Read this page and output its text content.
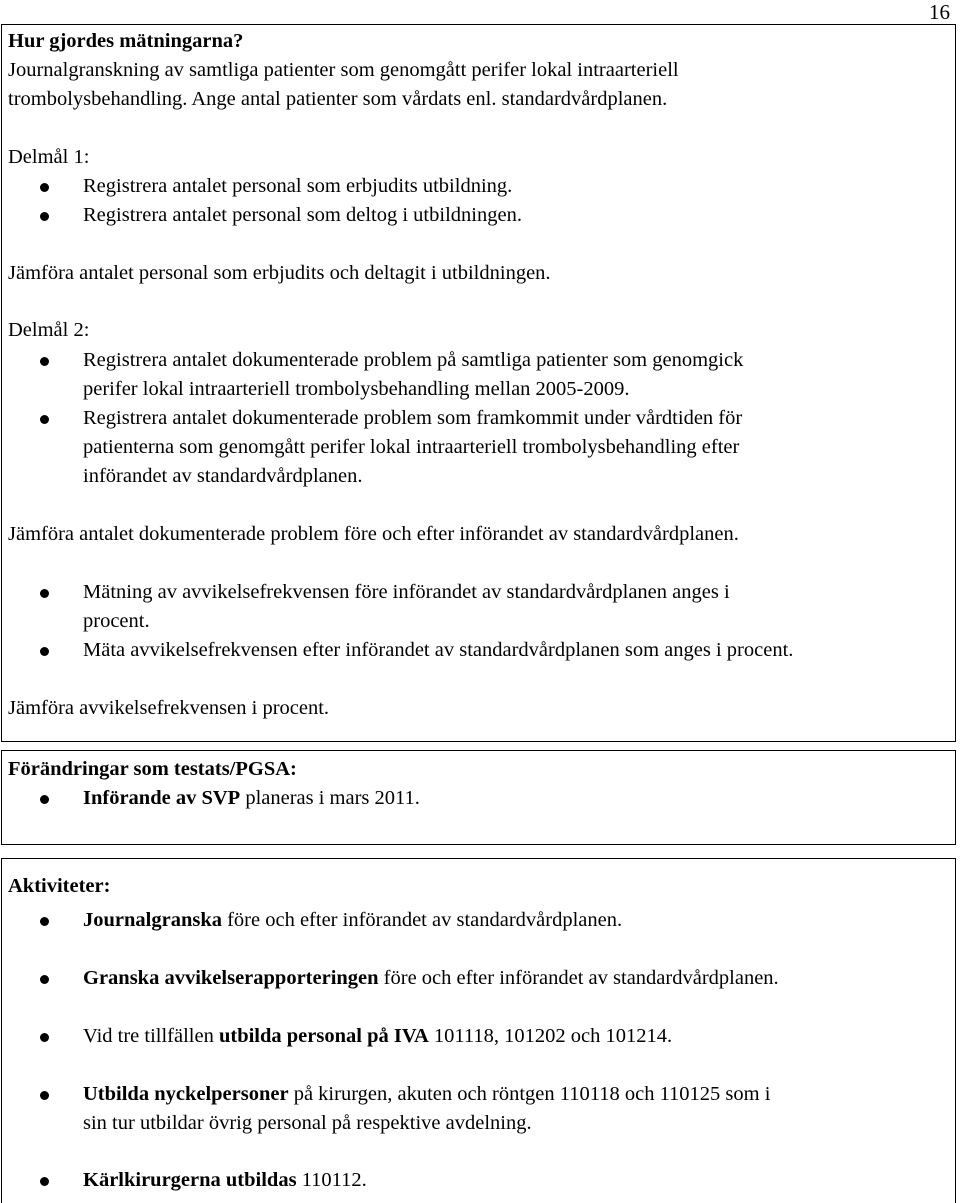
16
Hur gjordes mätningarna?
Journalgranskning av samtliga patienter som genomgått perifer lokal intraarteriell
trombolysbehandling. Ange antal patienter som vårdats enl. standardvårdplanen.
Delmål 1:
Registrera antalet personal som erbjudits utbildning.
Registrera antalet personal som deltog i utbildningen.
Jämföra antalet personal som erbjudits och deltagit i utbildningen.
Delmål 2:
Registrera antalet dokumenterade problem på samtliga patienter som genomgick
perifer lokal intraarteriell trombolysbehandling mellan 2005-2009.
Registrera antalet dokumenterade problem som framkommit under vårdtiden för
patienterna som genomgått perifer lokal intraarteriell trombolysbehandling efter
införandet av standardvårdplanen.
Jämföra antalet dokumenterade problem före och efter införandet av standardvårdplanen.
Mätning av avvikelsefrekvensen före införandet av standardvårdplanen anges i
procent.
Mäta avvikelsefrekvensen efter införandet av standardvårdplanen som anges i procent.
Jämföra avvikelsefrekvensen i procent.
Förändringar som testats/PGSA:
Införande av SVP planeras i mars 2011.
Aktiviteter:
Journalgranska före och efter införandet av standardvårdplanen.
Granska avvikelserapporteringen före och efter införandet av standardvårdplanen.
Vid tre tillfällen utbilda personal på IVA 101118, 101202 och 101214.
Utbilda nyckelpersoner på kirurgen, akuten och röntgen 110118 och 110125 som i
sin tur utbildar övrig personal på respektive avdelning.
Kärlkirurgerna utbildas 110112.
